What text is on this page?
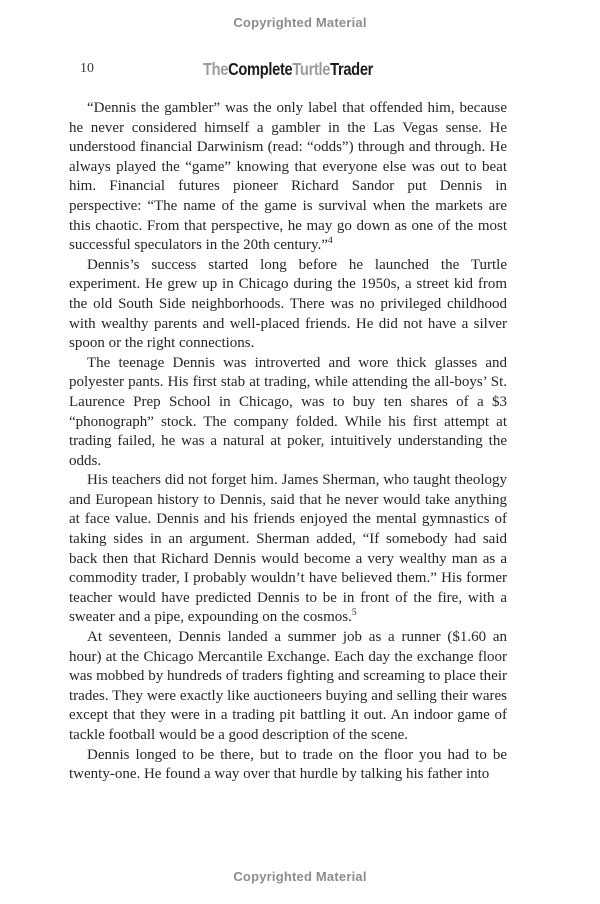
Copyrighted Material
10	TheCompleteTurtleTrader

“Dennis the gambler” was the only label that offended him, because he never considered himself a gambler in the Las Vegas sense. He understood financial Darwinism (read: “odds”) through and through. He always played the “game” knowing that everyone else was out to beat him. Financial futures pioneer Richard Sandor put Dennis in perspective: “The name of the game is survival when the markets are this chaotic. From that perspective, he may go down as one of the most successful speculators in the 20th century.”$^4$

Dennis’s success started long before he launched the Turtle experiment. He grew up in Chicago during the 1950s, a street kid from the old South Side neighborhoods. There was no privileged childhood with wealthy parents and well-placed friends. He did not have a silver spoon or the right connections.

The teenage Dennis was introverted and wore thick glasses and polyester pants. His first stab at trading, while attending the all-boys’ St. Laurence Prep School in Chicago, was to buy ten shares of a $3 “phonograph” stock. The company folded. While his first attempt at trading failed, he was a natural at poker, intuitively understanding the odds.

His teachers did not forget him. James Sherman, who taught theology and European history to Dennis, said that he never would take anything at face value. Dennis and his friends enjoyed the mental gymnastics of taking sides in an argument. Sherman added, “If somebody had said back then that Richard Dennis would become a very wealthy man as a commodity trader, I probably wouldn’t have believed them.” His former teacher would have predicted Dennis to be in front of the fire, with a sweater and a pipe, expounding on the cosmos.$^5$

At seventeen, Dennis landed a summer job as a runner ($1.60 an hour) at the Chicago Mercantile Exchange. Each day the exchange floor was mobbed by hundreds of traders fighting and screaming to place their trades. They were exactly like auctioneers buying and selling their wares except that they were in a trading pit battling it out. An indoor game of tackle football would be a good description of the scene.

Dennis longed to be there, but to trade on the floor you had to be twenty-one. He found a way over that hurdle by talking his father into

Copyrighted Material
